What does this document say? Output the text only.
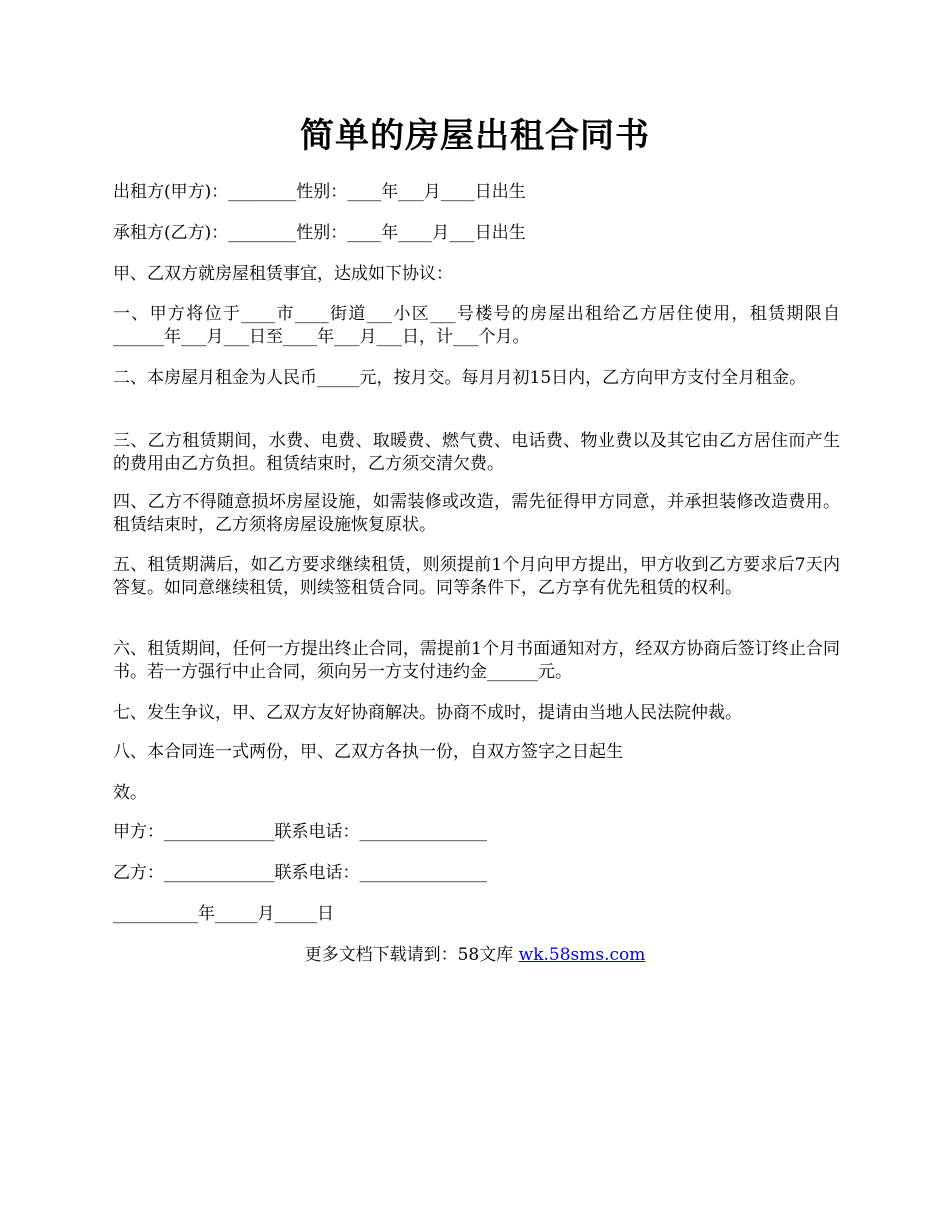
简单的房屋出租合同书

出租方(甲方)：________性别：____年___月____日出生

承租方(乙方)：________性别：____年____月___日出生

甲、乙双方就房屋租赁事宜，达成如下协议：

一、甲方将位于____市____街道___小区___号楼号的房屋出租给乙方居住使用，租赁期限自______年___月___日至____年___月___日，计___个月。

二、本房屋月租金为人民币_____元，按月交。每月月初15日内，乙方向甲方支付全月租金。

三、乙方租赁期间，水费、电费、取暖费、燃气费、电话费、物业费以及其它由乙方居住而产生的费用由乙方负担。租赁结束时，乙方须交清欠费。

四、乙方不得随意损坏房屋设施，如需装修或改造，需先征得甲方同意，并承担装修改造费用。租赁结束时，乙方须将房屋设施恢复原状。

五、租赁期满后，如乙方要求继续租赁，则须提前1个月向甲方提出，甲方收到乙方要求后7天内答复。如同意继续租赁，则续签租赁合同。同等条件下，乙方享有优先租赁的权利。

六、租赁期间，任何一方提出终止合同，需提前1个月书面通知对方，经双方协商后签订终止合同书。若一方强行中止合同，须向另一方支付违约金______元。

七、发生争议，甲、乙双方友好协商解决。协商不成时，提请由当地人民法院仲裁。

八、本合同连一式两份，甲、乙双方各执一份，自双方签字之日起生

效。

甲方：_____________联系电话：_______________

乙方：_____________联系电话：_______________

__________年_____月_____日

更多文档下载请到：58文库 wk.58sms.com
